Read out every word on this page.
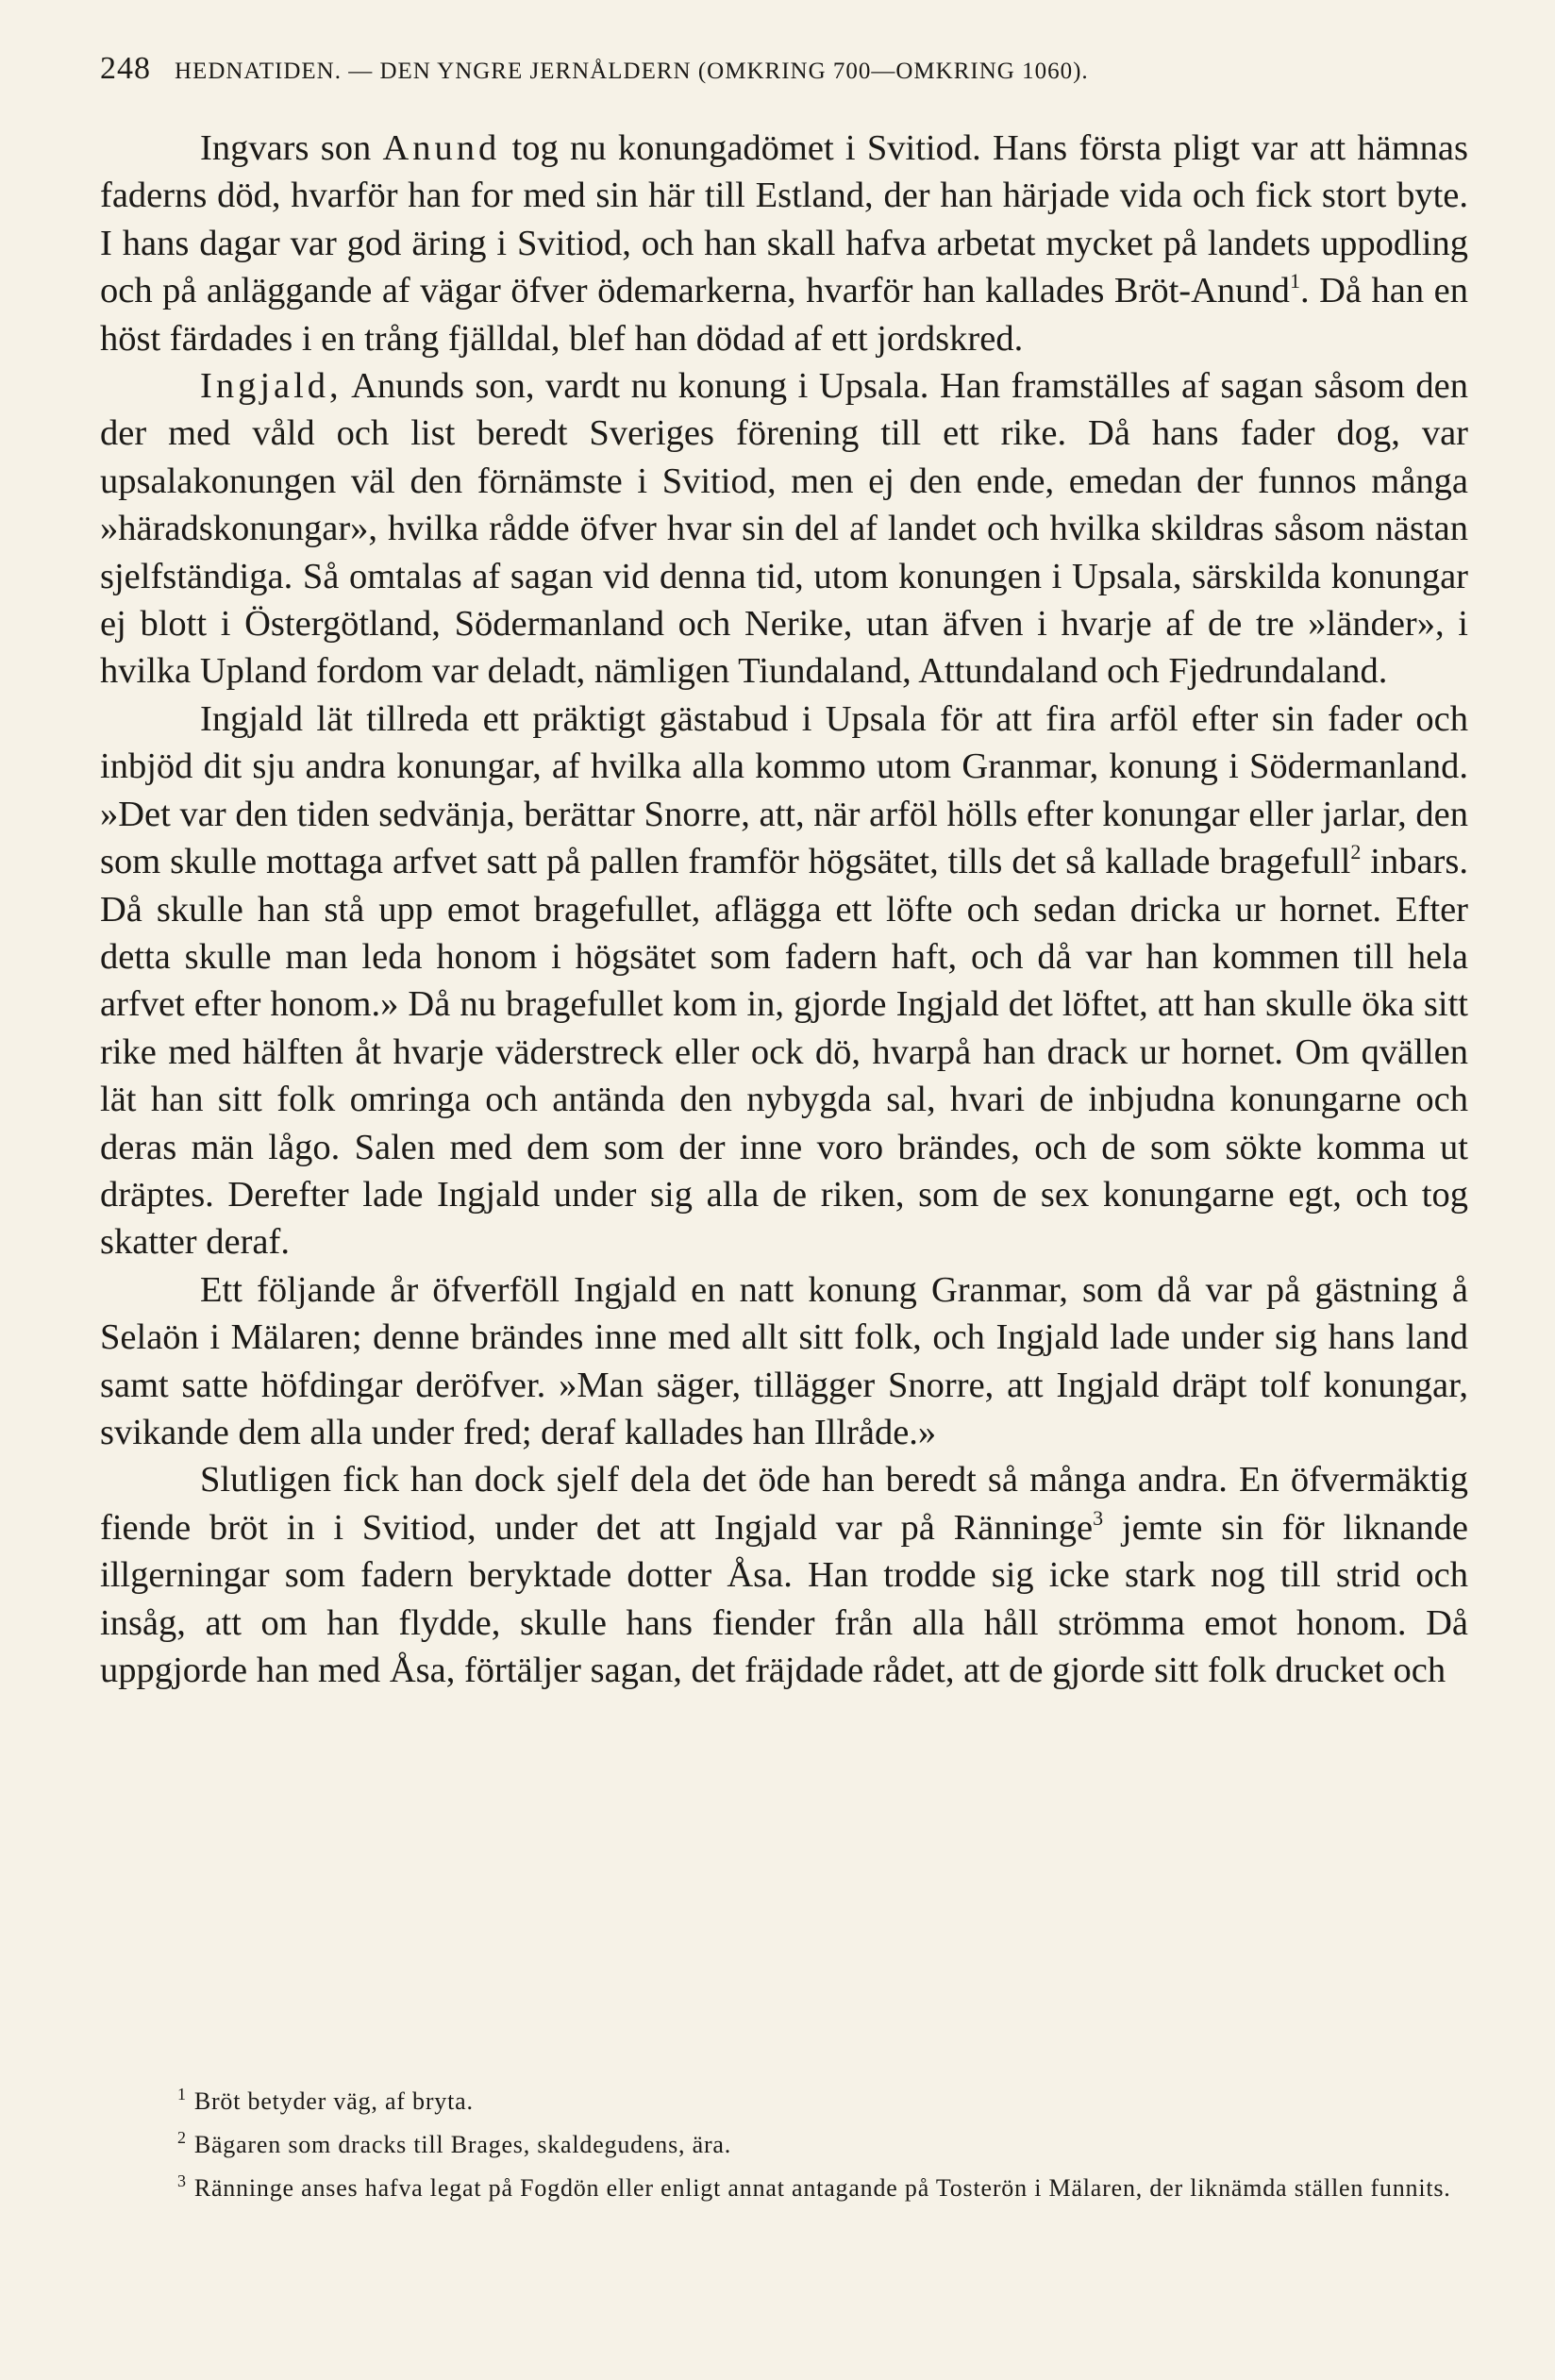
248 HEDNATIDEN. — DEN YNGRE JERNÅLDERN (OMKRING 700—OMKRING 1060).

Ingvars son Anund tog nu konungadömet i Svitiod. Hans första pligt var att hämnas faderns död, hvarför han for med sin här till Estland, der han härjade vida och fick stort byte. I hans dagar var god äring i Svitiod, och han skall hafva arbetat mycket på landets uppodling och på anläggande af vägar öfver ödemarkerna, hvarför han kallades Bröt-Anund$^1$. Då han en höst färdades i en trång fjälldal, blef han dödad af ett jordskred.

Ingjald, Anunds son, vardt nu konung i Upsala. Han framställes af sagan såsom den der med våld och list beredt Sveriges förening till ett rike. Då hans fader dog, var upsalakonungen väl den förnämste i Svitiod, men ej den ende, emedan der funnos många »häradskonungar», hvilka rådde öfver hvar sin del af landet och hvilka skildras såsom nästan sjelfständiga. Så omtalas af sagan vid denna tid, utom konungen i Upsala, särskilda konungar ej blott i Östergötland, Södermanland och Nerike, utan äfven i hvarje af de tre »länder», i hvilka Upland fordom var deladt, nämligen Tiundaland, Attundaland och Fjedrundaland.

Ingjald lät tillreda ett präktigt gästabud i Upsala för att fira arföl efter sin fader och inbjöd dit sju andra konungar, af hvilka alla kommo utom Granmar, konung i Södermanland. »Det var den tiden sedvänja, berättar Snorre, att, när arföl hölls efter konungar eller jarlar, den som skulle mottaga arfvet satt på pallen framför högsätet, tills det så kallade bragefull$^2$ inbars. Då skulle han stå upp emot bragefullet, aflägga ett löfte och sedan dricka ur hornet. Efter detta skulle man leda honom i högsätet som fadern haft, och då var han kommen till hela arfvet efter honom.» Då nu bragefullet kom in, gjorde Ingjald det löftet, att han skulle öka sitt rike med hälften åt hvarje väderstreck eller ock dö, hvarpå han drack ur hornet. Om qvällen lät han sitt folk omringa och antända den nybygda sal, hvari de inbjudna konungarne och deras män lågo. Salen med dem som der inne voro brändes, och de som sökte komma ut dräptes. Derefter lade Ingjald under sig alla de riken, som de sex konungarne egt, och tog skatter deraf.

Ett följande år öfverföll Ingjald en natt konung Granmar, som då var på gästning å Selaön i Mälaren; denne brändes inne med allt sitt folk, och Ingjald lade under sig hans land samt satte höfdingar deröfver. »Man säger, tillägger Snorre, att Ingjald dräpt tolf konungar, svikande dem alla under fred; deraf kallades han Illråde.»

Slutligen fick han dock sjelf dela det öde han beredt så många andra. En öfvermäktig fiende bröt in i Svitiod, under det att Ingjald var på Ränninge$^3$ jemte sin för liknande illgerningar som fadern beryktade dotter Åsa. Han trodde sig icke stark nog till strid och insåg, att om han flydde, skulle hans fiender från alla håll strömma emot honom. Då uppgjorde han med Åsa, förtäljer sagan, det fräjdade rådet, att de gjorde sitt folk drucket och

$^1$ Bröt betyder väg, af bryta.

$^2$ Bägaren som dracks till Brages, skaldegudens, ära.

$^3$ Ränninge anses hafva legat på Fogdön eller enligt annat antagande på Tosterön i Mälaren, der liknämda ställen funnits.
